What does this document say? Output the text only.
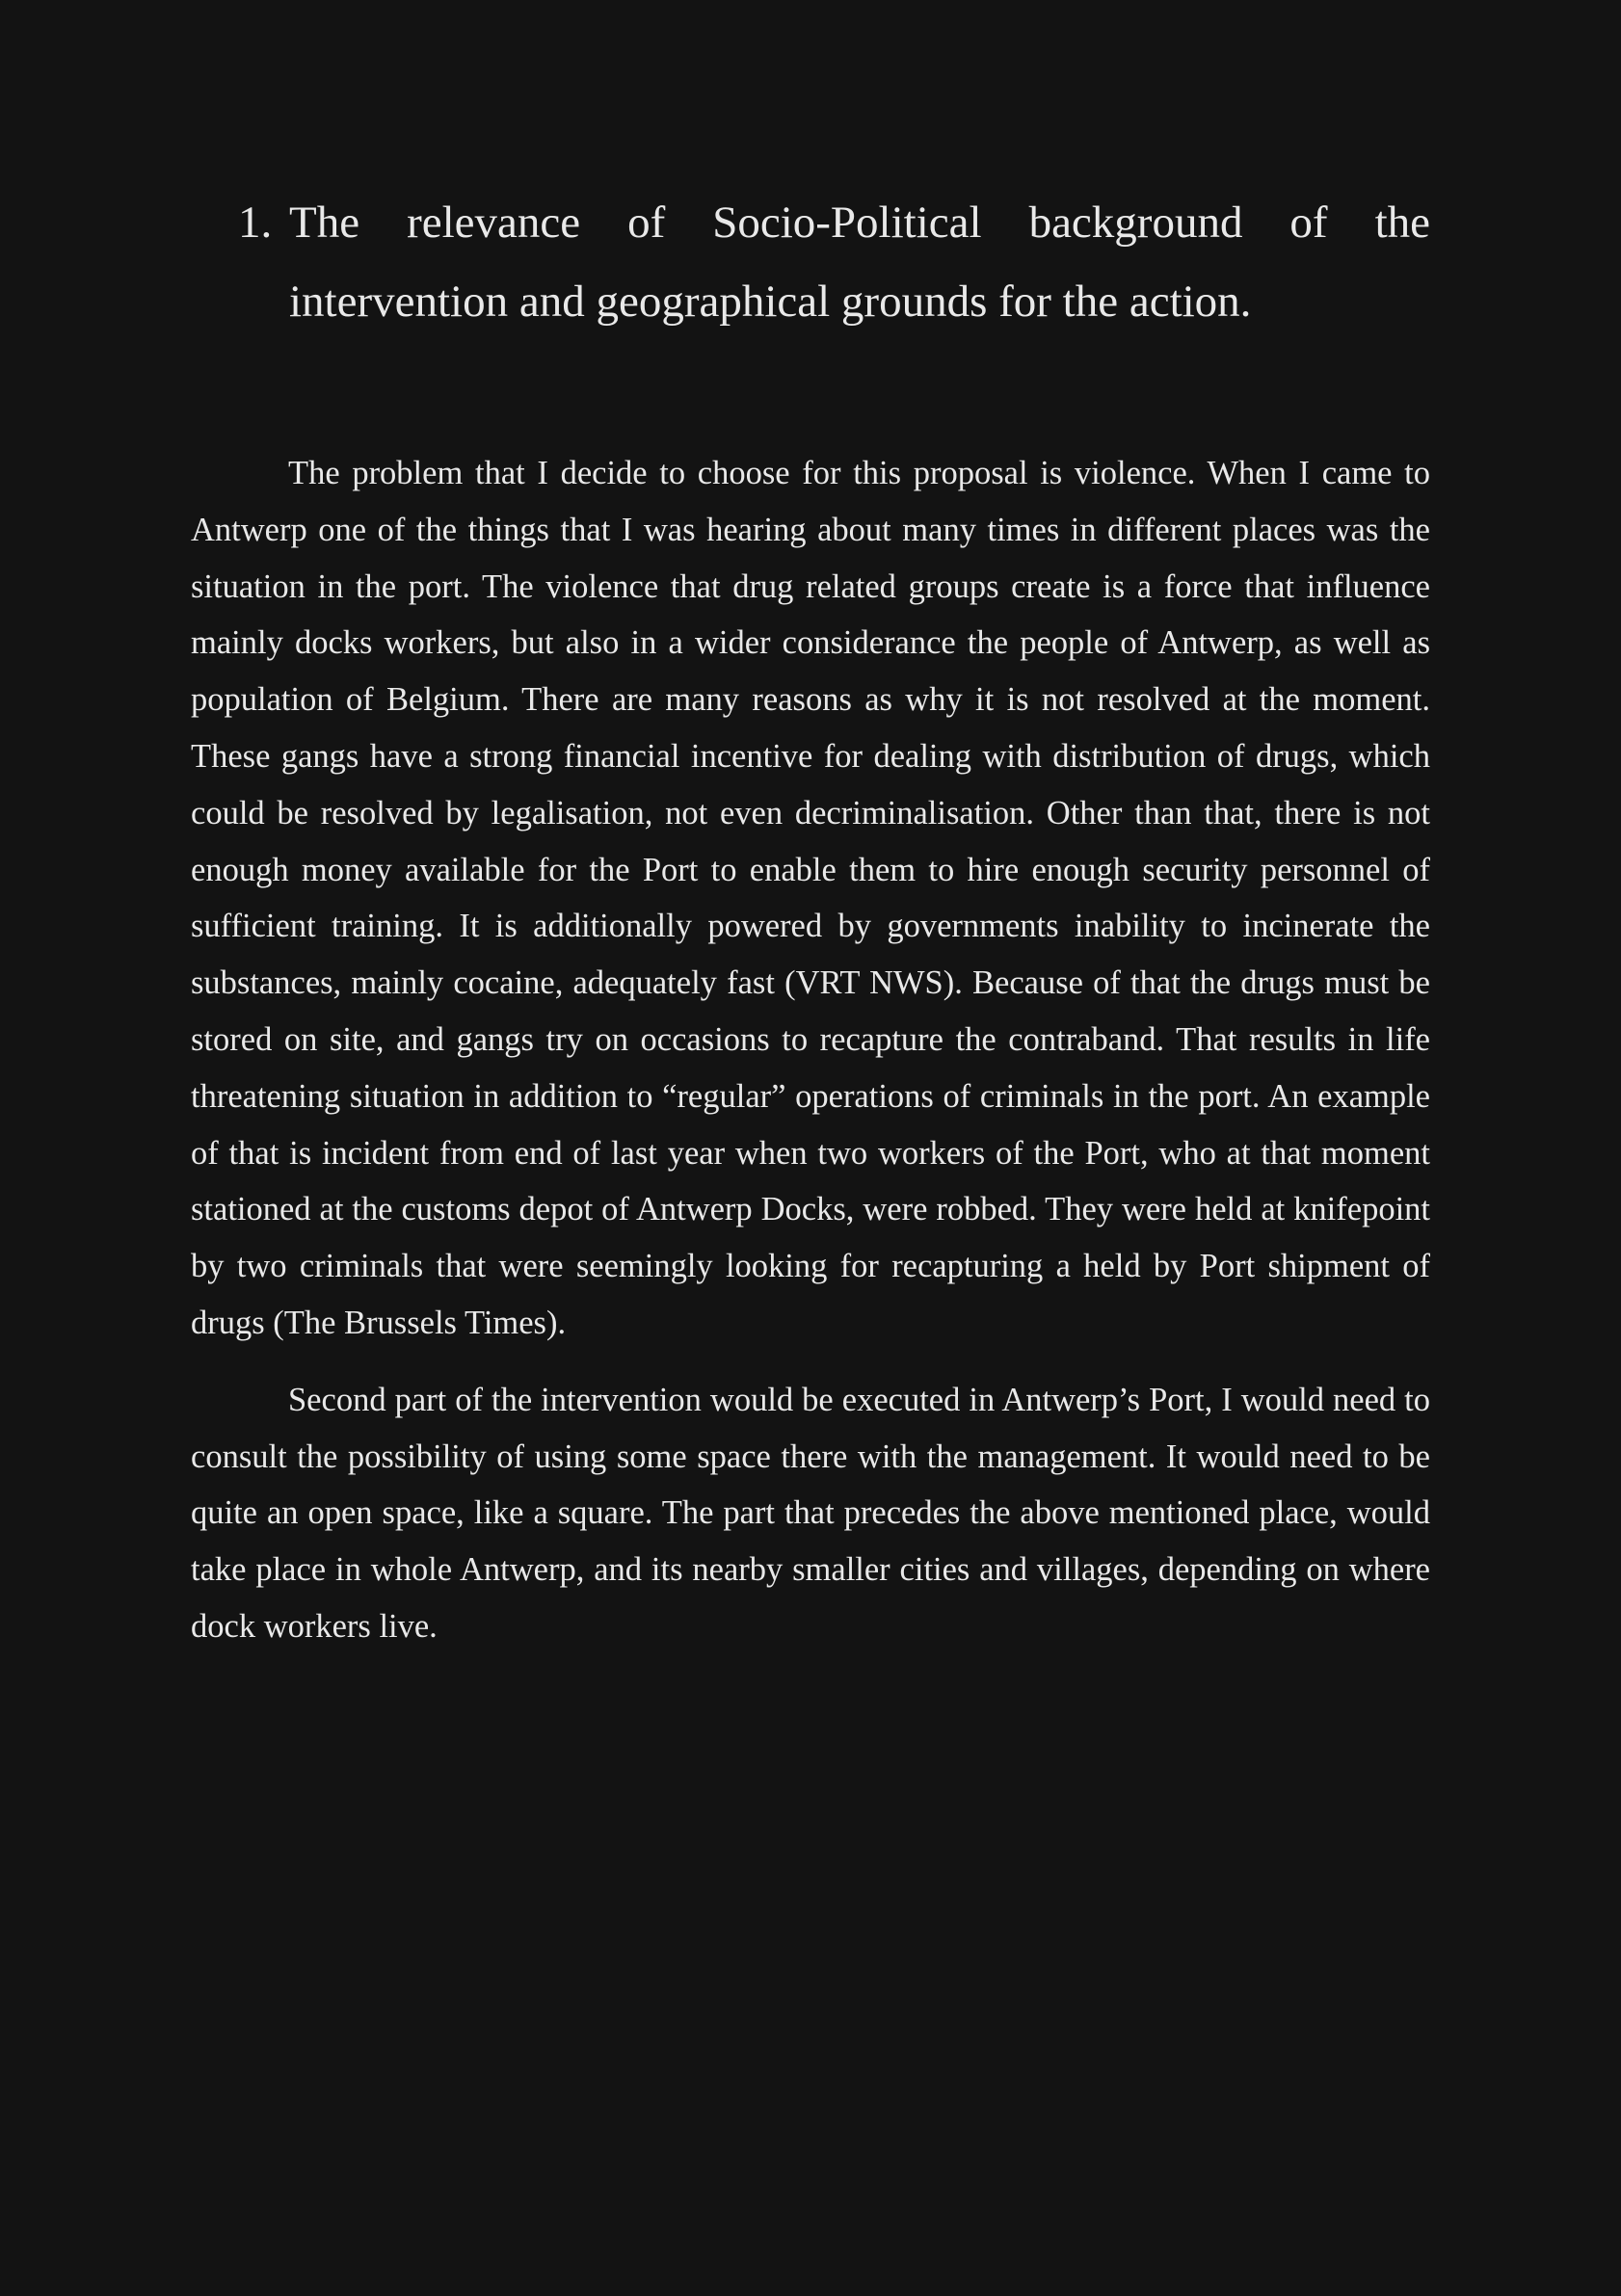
1. The relevance of Socio-Political background of the intervention and geographical grounds for the action.

The problem that I decide to choose for this proposal is violence. When I came to Antwerp one of the things that I was hearing about many times in different places was the situation in the port. The violence that drug related groups create is a force that influence mainly docks workers, but also in a wider considerance the people of Antwerp, as well as population of Belgium. There are many reasons as why it is not resolved at the moment. These gangs have a strong financial incentive for dealing with distribution of drugs, which could be resolved by legalisation, not even decriminalisation. Other than that, there is not enough money available for the Port to enable them to hire enough security personnel of sufficient training. It is additionally powered by governments inability to incinerate the substances, mainly cocaine, adequately fast (VRT NWS). Because of that the drugs must be stored on site, and gangs try on occasions to recapture the contraband. That results in life threatening situation in addition to “regular” operations of criminals in the port. An example of that is incident from end of last year when two workers of the Port, who at that moment stationed at the customs depot of Antwerp Docks, were robbed. They were held at knifepoint by two criminals that were seemingly looking for recapturing a held by Port shipment of drugs (The Brussels Times).

Second part of the intervention would be executed in Antwerp’s Port, I would need to consult the possibility of using some space there with the management. It would need to be quite an open space, like a square. The part that precedes the above mentioned place, would take place in whole Antwerp, and its nearby smaller cities and villages, depending on where dock workers live.
